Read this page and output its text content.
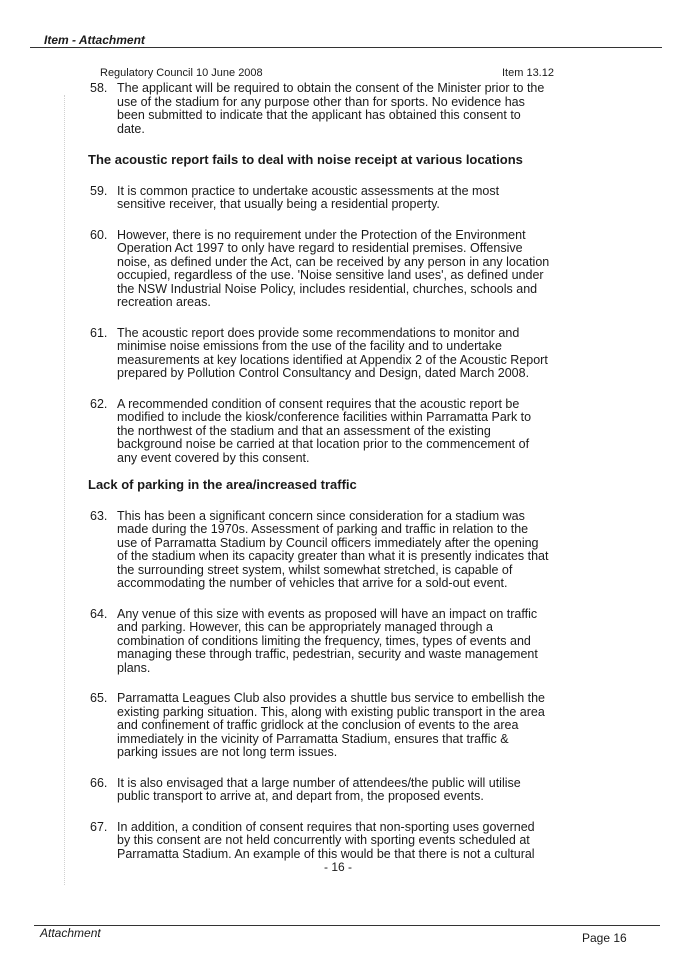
Item - Attachment
Regulatory Council 10 June 2008	Item 13.12
58. The applicant will be required to obtain the consent of the Minister prior to the use of the stadium for any purpose other than for sports. No evidence has been submitted to indicate that the applicant has obtained this consent to date.
The acoustic report fails to deal with noise receipt at various locations
59. It is common practice to undertake acoustic assessments at the most sensitive receiver, that usually being a residential property.
60. However, there is no requirement under the Protection of the Environment Operation Act 1997 to only have regard to residential premises. Offensive noise, as defined under the Act, can be received by any person in any location occupied, regardless of the use. 'Noise sensitive land uses', as defined under the NSW Industrial Noise Policy, includes residential, churches, schools and recreation areas.
61. The acoustic report does provide some recommendations to monitor and minimise noise emissions from the use of the facility and to undertake measurements at key locations identified at Appendix 2 of the Acoustic Report prepared by Pollution Control Consultancy and Design, dated March 2008.
62. A recommended condition of consent requires that the acoustic report be modified to include the kiosk/conference facilities within Parramatta Park to the northwest of the stadium and that an assessment of the existing background noise be carried at that location prior to the commencement of any event covered by this consent.
Lack of parking in the area/increased traffic
63. This has been a significant concern since consideration for a stadium was made during the 1970s. Assessment of parking and traffic in relation to the use of Parramatta Stadium by Council officers immediately after the opening of the stadium when its capacity greater than what it is presently indicates that the surrounding street system, whilst somewhat stretched, is capable of accommodating the number of vehicles that arrive for a sold-out event.
64. Any venue of this size with events as proposed will have an impact on traffic and parking. However, this can be appropriately managed through a combination of conditions limiting the frequency, times, types of events and managing these through traffic, pedestrian, security and waste management plans.
65. Parramatta Leagues Club also provides a shuttle bus service to embellish the existing parking situation. This, along with existing public transport in the area and confinement of traffic gridlock at the conclusion of events to the area immediately in the vicinity of Parramatta Stadium, ensures that traffic & parking issues are not long term issues.
66. It is also envisaged that a large number of attendees/the public will utilise public transport to arrive at, and depart from, the proposed events.
67. In addition, a condition of consent requires that non-sporting uses governed by this consent are not held concurrently with sporting events scheduled at Parramatta Stadium. An example of this would be that there is not a cultural
- 16 -
Attachment	Page 16
